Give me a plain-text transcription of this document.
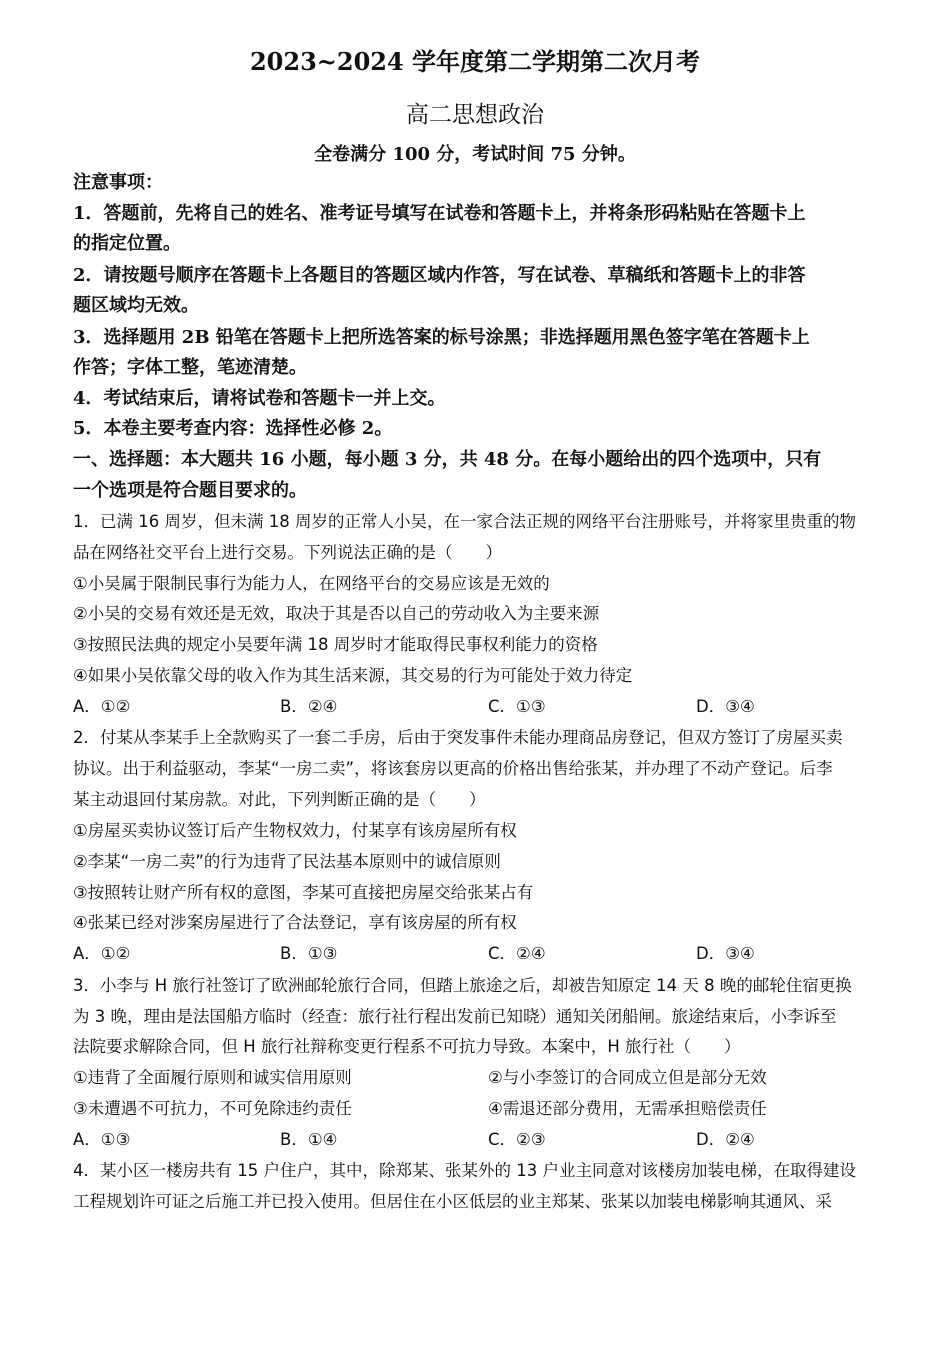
2023~2024 学年度第二学期第二次月考
高二思想政治
全卷满分 100 分，考试时间 75 分钟。
注意事项：
1．答题前，先将自己的姓名、准考证号填写在试卷和答题卡上，并将条形码粘贴在答题卡上
的指定位置。
2．请按题号顺序在答题卡上各题目的答题区域内作答，写在试卷、草稿纸和答题卡上的非答
题区域均无效。
3．选择题用 2B 铅笔在答题卡上把所选答案的标号涂黑；非选择题用黑色签字笔在答题卡上
作答；字体工整，笔迹清楚。
4．考试结束后，请将试卷和答题卡一并上交。
5．本卷主要考查内容：选择性必修 2。
一、选择题：本大题共 16 小题，每小题 3 分，共 48 分。在每小题给出的四个选项中，只有
一个选项是符合题目要求的。
1．已满 16 周岁，但未满 18 周岁的正常人小吴，在一家合法正规的网络平台注册账号，并将家里贵重的物
品在网络社交平台上进行交易。下列说法正确的是（　　）
①小吴属于限制民事行为能力人，在网络平台的交易应该是无效的
②小吴的交易有效还是无效，取决于其是否以自己的劳动收入为主要来源
③按照民法典的规定小吴要年满 18 周岁时才能取得民事权利能力的资格
④如果小吴依靠父母的收入作为其生活来源，其交易的行为可能处于效力待定
A．①②	B．②④	C．①③	D．③④
2．付某从李某手上全款购买了一套二手房，后由于突发事件未能办理商品房登记，但双方签订了房屋买卖
协议。出于利益驱动，李某“一房二卖”，将该套房以更高的价格出售给张某，并办理了不动产登记。后李
某主动退回付某房款。对此，下列判断正确的是（　　）
①房屋买卖协议签订后产生物权效力，付某享有该房屋所有权
②李某“一房二卖”的行为违背了民法基本原则中的诚信原则
③按照转让财产所有权的意图，李某可直接把房屋交给张某占有
④张某已经对涉案房屋进行了合法登记，享有该房屋的所有权
A．①②	B．①③	C．②④	D．③④
3．小李与 H 旅行社签订了欧洲邮轮旅行合同，但踏上旅途之后，却被告知原定 14 天 8 晚的邮轮住宿更换
为 3 晚，理由是法国船方临时（经查：旅行社行程出发前已知晓）通知关闭船闸。旅途结束后，小李诉至
法院要求解除合同，但 H 旅行社辩称变更行程系不可抗力导致。本案中，H 旅行社（　　）
①违背了全面履行原则和诚实信用原则	②与小李签订的合同成立但是部分无效
③未遭遇不可抗力，不可免除违约责任	④需退还部分费用，无需承担赔偿责任
A．①③	B．①④	C．②③	D．②④
4．某小区一楼房共有 15 户住户，其中，除郑某、张某外的 13 户业主同意对该楼房加装电梯，在取得建设
工程规划许可证之后施工并已投入使用。但居住在小区低层的业主郑某、张某以加装电梯影响其通风、采
